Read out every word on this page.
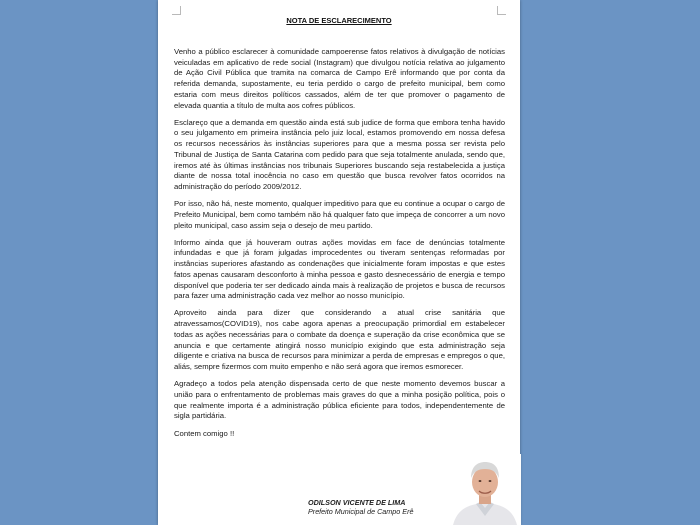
NOTA DE ESCLARECIMENTO

Venho a público esclarecer à comunidade campoerense fatos relativos à divulgação de notícias veiculadas em aplicativo de rede social (Instagram) que divulgou notícia relativa ao julgamento de Ação Civil Pública que tramita na comarca de Campo Erê informando que por conta da referida demanda, supostamente, eu teria perdido o cargo de prefeito municipal, bem como estaria com meus direitos políticos cassados, além de ter que promover o pagamento de elevada quantia a título de multa aos cofres públicos.

Esclareço que a demanda em questão ainda está sub judice de forma que embora tenha havido o seu julgamento em primeira instância pelo juiz local, estamos promovendo em nossa defesa os recursos necessários às instâncias superiores para que a mesma possa ser revista pelo Tribunal de Justiça de Santa Catarina com pedido para que seja totalmente anulada, sendo que, iremos até às últimas instâncias nos tribunais Superiores buscando seja restabelecida a justiça diante de nossa total inocência no caso em questão que busca revolver fatos ocorridos na administração do período 2009/2012.

Por isso, não há, neste momento, qualquer impeditivo para que eu continue a ocupar o cargo de Prefeito Municipal, bem como também não há qualquer fato que impeça de concorrer a um novo pleito municipal, caso assim seja o desejo de meu partido.

Informo ainda que já houveram outras ações movidas em face de denúncias totalmente infundadas e que já foram julgadas improcedentes ou tiveram sentenças reformadas por instâncias superiores afastando as condenações que inicialmente foram impostas e que estes fatos apenas causaram desconforto à minha pessoa e gasto desnecessário de energia e tempo disponível que poderia ter ser dedicado ainda mais à realização de projetos e busca de recursos para fazer uma administração cada vez melhor ao nosso município.

Aproveito ainda para dizer que considerando a atual crise sanitária que atravessamos(COVID19), nos cabe agora apenas a preocupação primordial em estabelecer todas as ações necessárias para o combate da doença e superação da crise econômica que se anuncia e que certamente atingirá nosso município exigindo que esta administração seja diligente e criativa na busca de recursos para minimizar a perda de empresas e empregos o que, aliás, sempre fizermos com muito empenho e não será agora que iremos esmorecer.

Agradeço a todos pela atenção dispensada certo de que neste momento devemos buscar a união para o enfrentamento de problemas mais graves do que a minha posição política, pois o que realmente importa é a administração pública eficiente para todos, independentemente de sigla partidária.

Contem comigo !!

ODILSON VICENTE DE LIMA
Prefeito Municipal de Campo Erê
